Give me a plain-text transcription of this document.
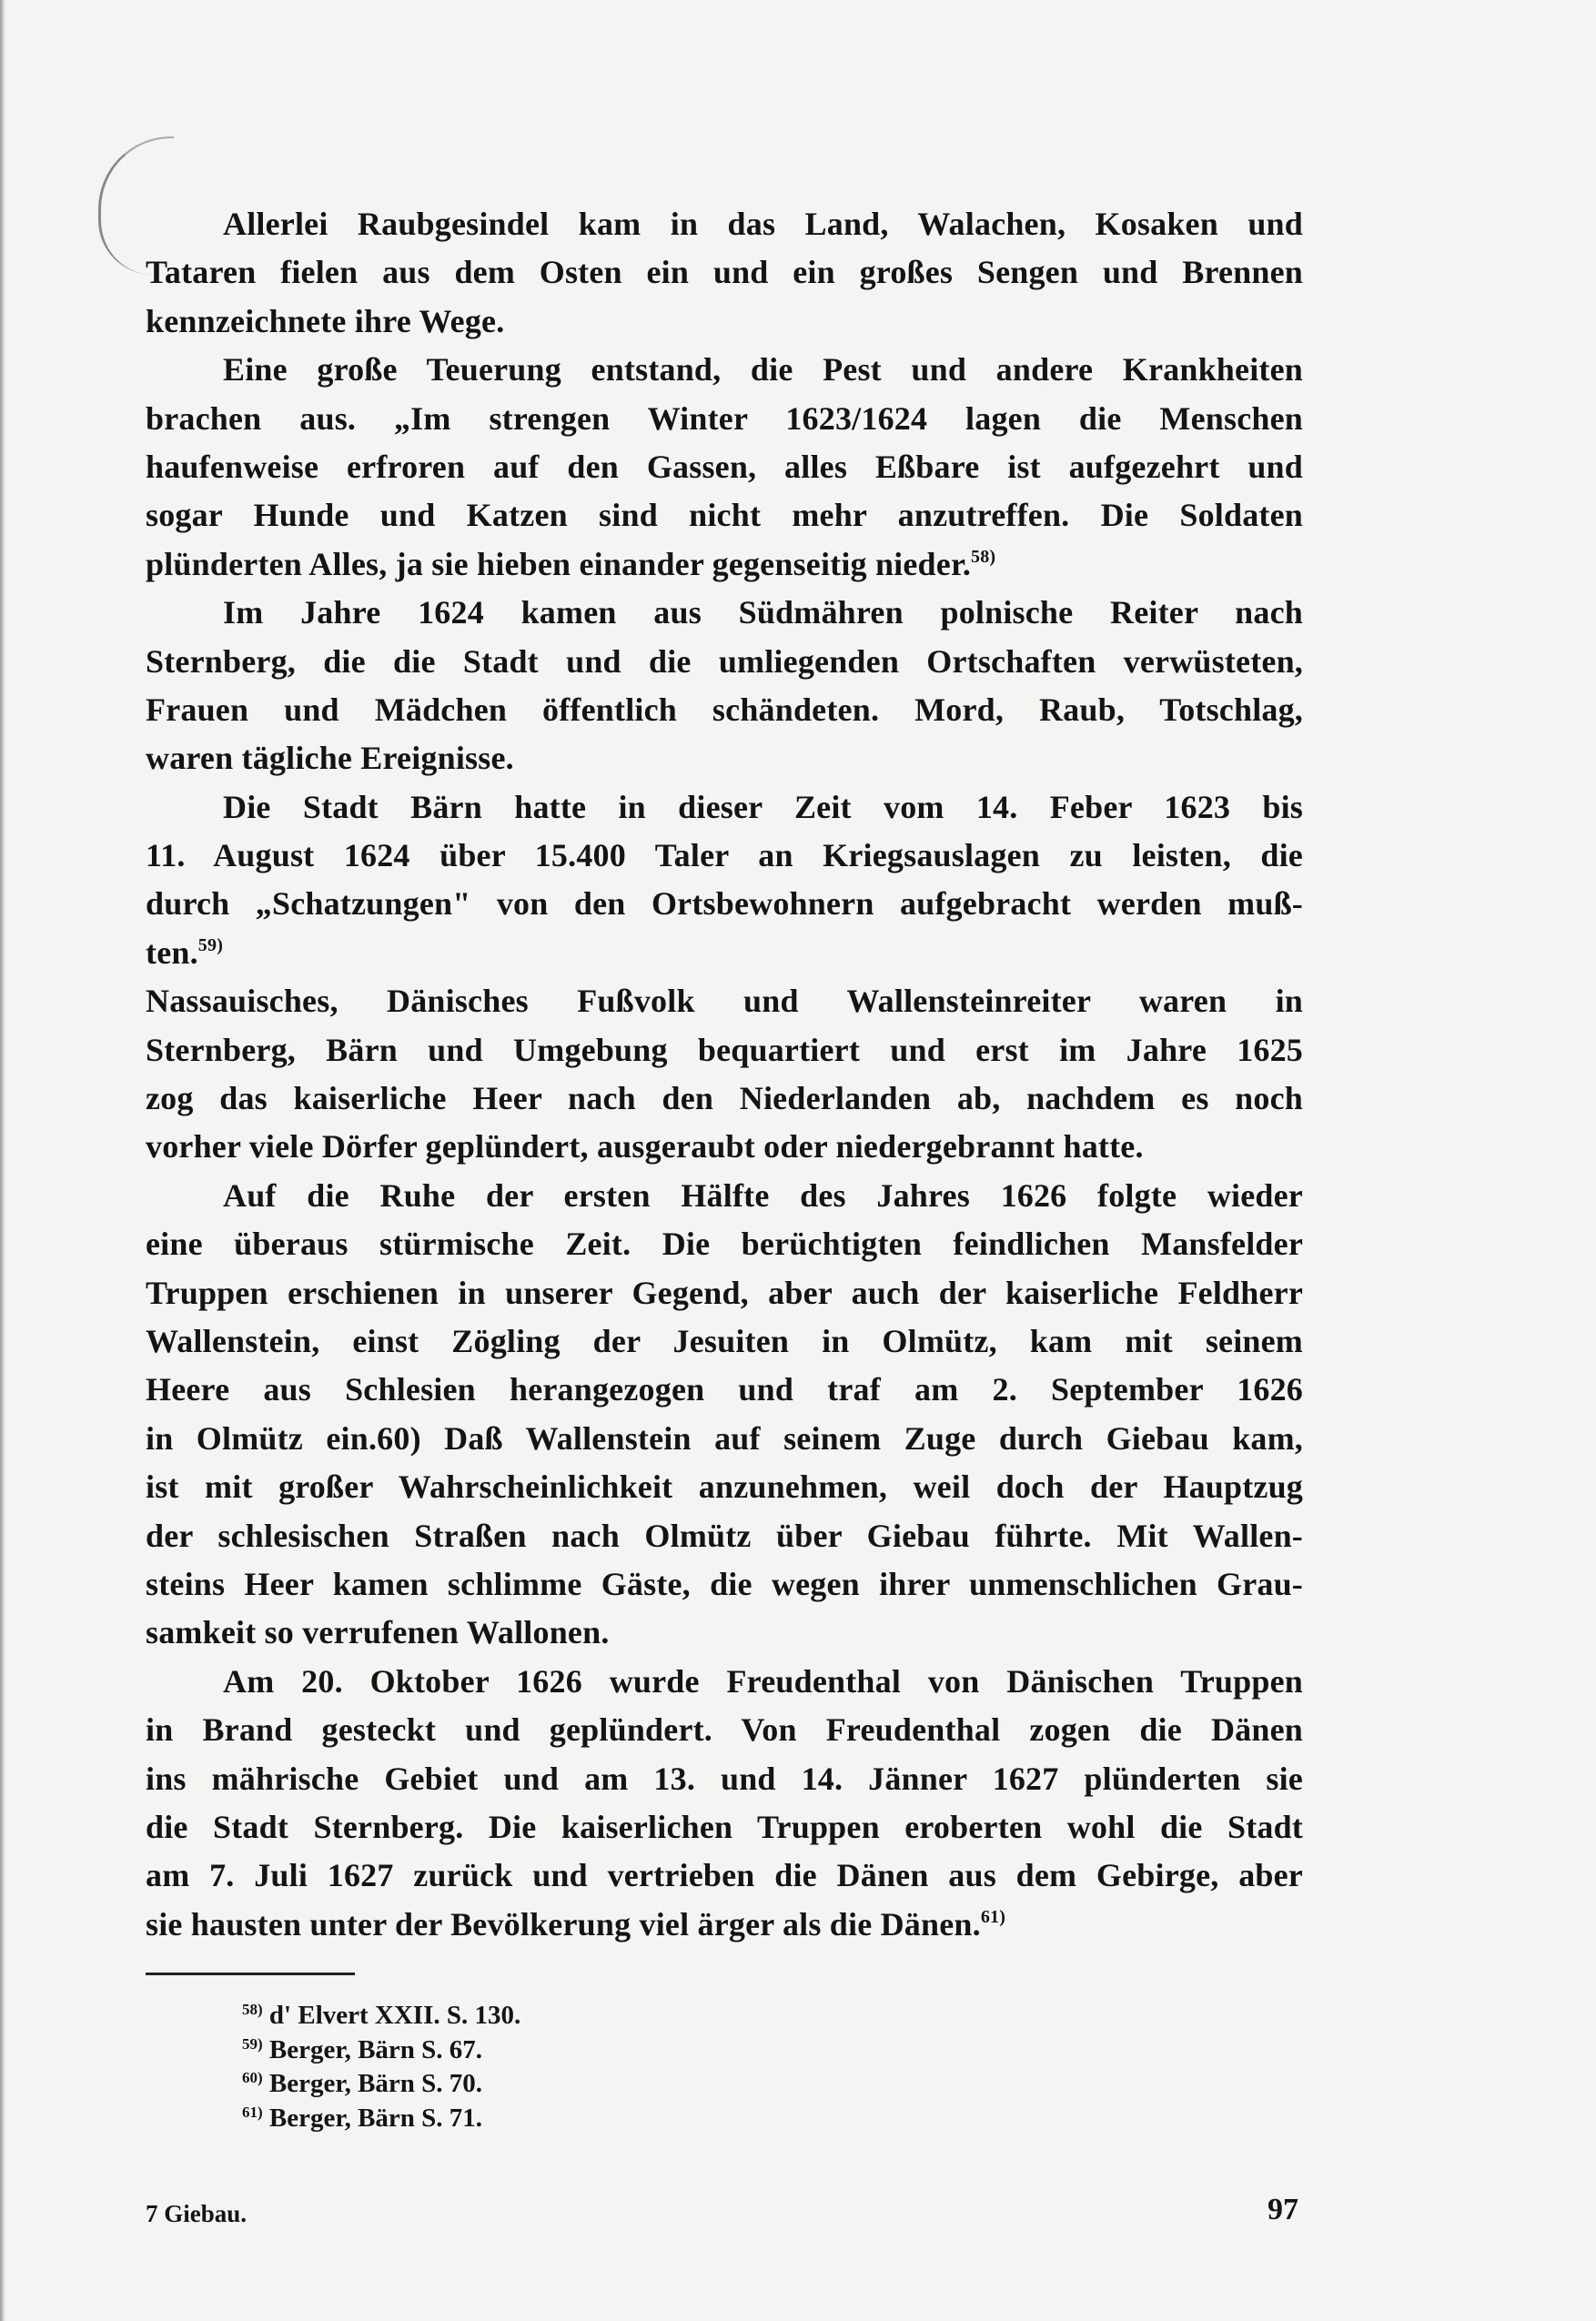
Allerlei Raubgesindel kam in das Land, Walachen, Kosaken und
Tataren fielen aus dem Osten ein und ein großes Sengen und Brennen
kennzeichnete ihre Wege.
Eine große Teuerung entstand, die Pest und andere Krankheiten
brachen aus. „Im strengen Winter 1623/1624 lagen die Menschen
haufenweise erfroren auf den Gassen, alles Eßbare ist aufgezehrt und
sogar Hunde und Katzen sind nicht mehr anzutreffen. Die Soldaten
plünderten Alles, ja sie hieben einander gegenseitig nieder.$^{58)}$
Im Jahre 1624 kamen aus Südmähren polnische Reiter nach
Sternberg, die die Stadt und die umliegenden Ortschaften verwüsteten,
Frauen und Mädchen öffentlich schändeten. Mord, Raub, Totschlag,
waren tägliche Ereignisse.
Die Stadt Bärn hatte in dieser Zeit vom 14. Feber 1623 bis
11. August 1624 über 15.400 Taler an Kriegsauslagen zu leisten, die
durch „Schatzungen" von den Ortsbewohnern aufgebracht werden muß-
ten.$^{59)}$
Nassauisches, Dänisches Fußvolk und Wallensteinreiter waren in
Sternberg, Bärn und Umgebung bequartiert und erst im Jahre 1625
zog das kaiserliche Heer nach den Niederlanden ab, nachdem es noch
vorher viele Dörfer geplündert, ausgeraubt oder niedergebrannt hatte.
Auf die Ruhe der ersten Hälfte des Jahres 1626 folgte wieder
eine überaus stürmische Zeit. Die berüchtigten feindlichen Mansfelder
Truppen erschienen in unserer Gegend, aber auch der kaiserliche Feldherr
Wallenstein, einst Zögling der Jesuiten in Olmütz, kam mit seinem
Heere aus Schlesien herangezogen und traf am 2. September 1626
in Olmütz ein.60) Daß Wallenstein auf seinem Zuge durch Giebau kam,
ist mit großer Wahrscheinlichkeit anzunehmen, weil doch der Hauptzug
der schlesischen Straßen nach Olmütz über Giebau führte. Mit Wallen-
steins Heer kamen schlimme Gäste, die wegen ihrer unmenschlichen Grau-
samkeit so verrufenen Wallonen.
Am 20. Oktober 1626 wurde Freudenthal von Dänischen Truppen
in Brand gesteckt und geplündert. Von Freudenthal zogen die Dänen
ins mährische Gebiet und am 13. und 14. Jänner 1627 plünderten sie
die Stadt Sternberg. Die kaiserlichen Truppen eroberten wohl die Stadt
am 7. Juli 1627 zurück und vertrieben die Dänen aus dem Gebirge, aber
sie hausten unter der Bevölkerung viel ärger als die Dänen.$^{61)}$
$^{58)}$ d' Elvert XXII. S. 130.
$^{59)}$ Berger, Bärn S. 67.
$^{60)}$ Berger, Bärn S. 70.
$^{61)}$ Berger, Bärn S. 71.
7 Giebau.	97
